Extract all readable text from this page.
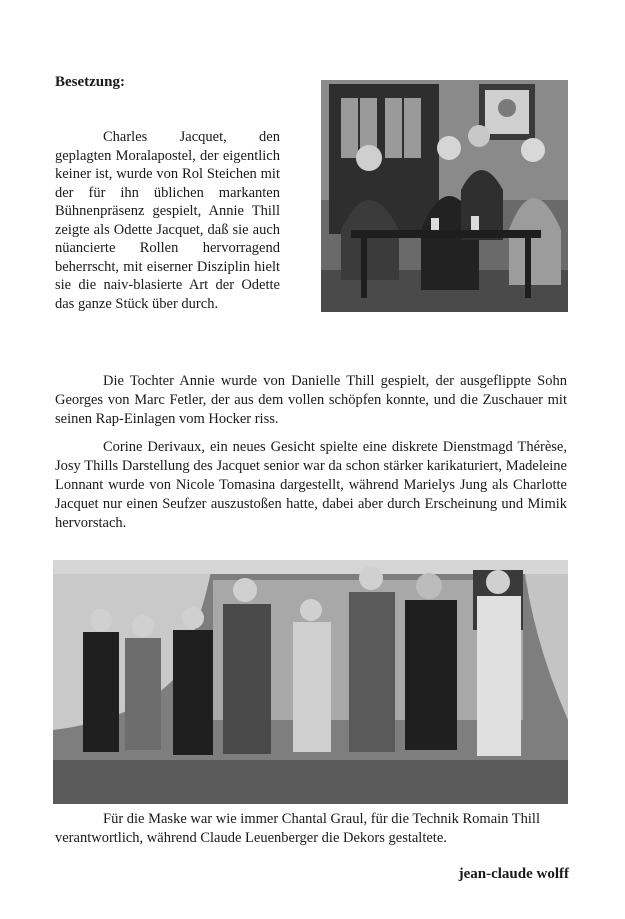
Besetzung:
Charles Jacquet, den geplagten Moralapostel, der eigentlich keiner ist, wurde von Rol Steichen mit der für ihn üblichen markanten Bühnenpräsenz gespielt, Annie Thill zeigte als Odette Jacquet, daß sie auch nüancierte Rollen hervorragend beherrscht, mit eiserner Disziplin hielt sie die naiv-blasierte Art der Odette das ganze Stück über durch.
Die Tochter Annie wurde von Danielle Thill gespielt, der ausgeflippte Sohn Georges von Marc Fetler, der aus dem vollen schöpfen konnte, und die Zuschauer mit seinen Rap-Einlagen vom Hocker riss.
Corine Derivaux, ein neues Gesicht spielte eine diskrete Dienstmagd Thérèse, Josy Thills Darstellung des Jacquet senior war da schon stärker karikaturiert, Madeleine Lonnant wurde von Nicole Tomasina dargestellt, während Marielys Jung als Charlotte Jacquet nur einen Seufzer auszustoßen hatte, dabei aber durch Erscheinung und Mimik hervorstach.
Für die Maske war wie immer Chantal Graul, für die Technik Romain Thill verantwortlich, während Claude Leuenberger die Dekors gestaltete.
jean-claude wolff
